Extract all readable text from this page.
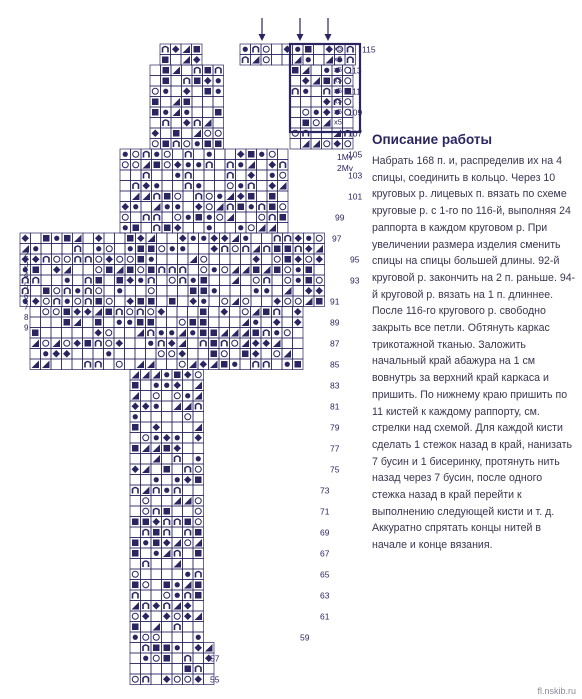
115
113
111
109
107
105
103
101
99
97
95
93
91
89
87
85
83
81
79
77
75
73
71
69
67
65
63
61
59
57
55
1Мv
2Мv
x5
x5
x5
x5
x5
x5
x5
x5
2
3
4
5
6
7
8
9
Описание работы

Набрать 168 п. и, распределив их на 4 спицы, соединить в кольцо. Через 10 круговых р. лицевых п. вязать по схеме круговые р. с 1-го по 116-й, выполняя 24 раппорта в каждом круговом р. При увеличении размера изделия сменить спицы на спицы большей длины. 92-й круговой р. закончить на 2 п. раньше. 94-й круговой р. вязать на 1 п. длиннее. После 116-го кругового р. свободно закрыть все петли. Обтянуть каркас трикотажной тканью. Заложить начальный край абажура на 1 см вовнутрь за верхний край каркаса и пришить. По нижнему краю пришить по 11 кистей к каждому раппорту, см. стрелки над схемой. Для каждой кисти сделать 1 стежок назад в край, нанизать 7 бусин и 1 бисеринку, протянуть нить назад через 7 бусин, после одного стежка назад в край перейти к выполнению следующей кисти и т. д. Аккуратно спрятать концы нитей в начале и конце вязания.

fl.nskib.ru
